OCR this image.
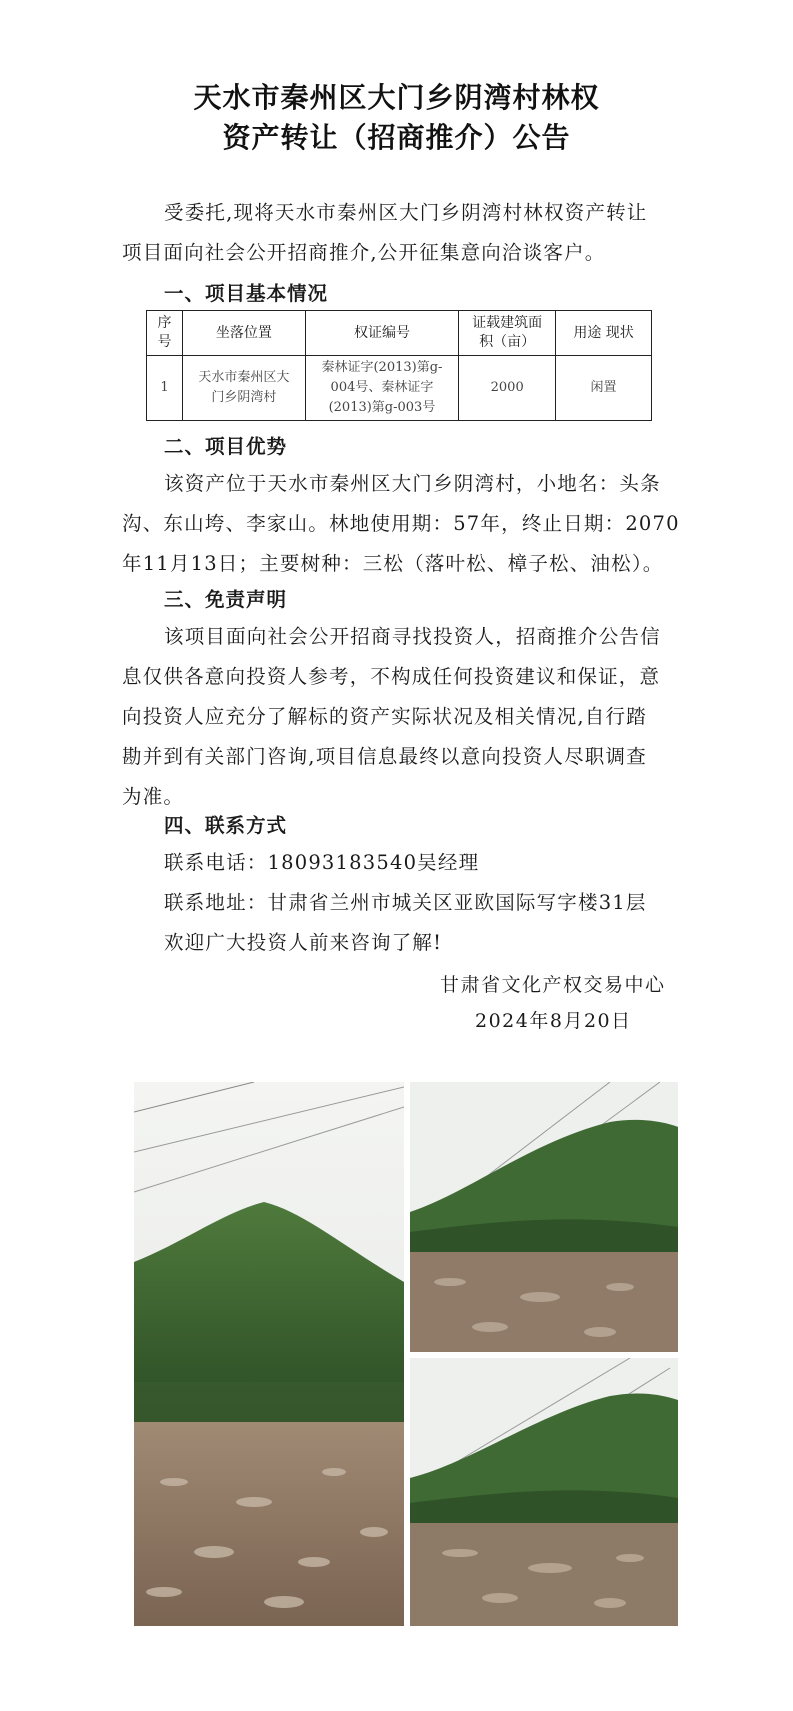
天水市秦州区大门乡阴湾村林权
资产转让（招商推介）公告
受委托,现将天水市秦州区大门乡阴湾村林权资产转让
项目面向社会公开招商推介,公开征集意向洽谈客户。
一、项目基本情况
序号	坐落位置	权证编号	证载建筑面积（亩）	用途 现状
1	天水市秦州区大门乡阴湾村	秦林证字(2013)第g-004号、秦林证字(2013)第g-003号	2000	闲置
二、项目优势
该资产位于天水市秦州区大门乡阴湾村，小地名：头条
沟、东山垮、李家山。林地使用期：57年，终止日期：2070
年11月13日；主要树种：三松（落叶松、樟子松、油松）。
三、免责声明
该项目面向社会公开招商寻找投资人，招商推介公告信
息仅供各意向投资人参考，不构成任何投资建议和保证，意
向投资人应充分了解标的资产实际状况及相关情况,自行踏
勘并到有关部门咨询,项目信息最终以意向投资人尽职调查
为准。
四、联系方式
联系电话：18093183540吴经理
联系地址：甘肃省兰州市城关区亚欧国际写字楼31层
欢迎广大投资人前来咨询了解!
甘肃省文化产权交易中心
2024年8月20日
